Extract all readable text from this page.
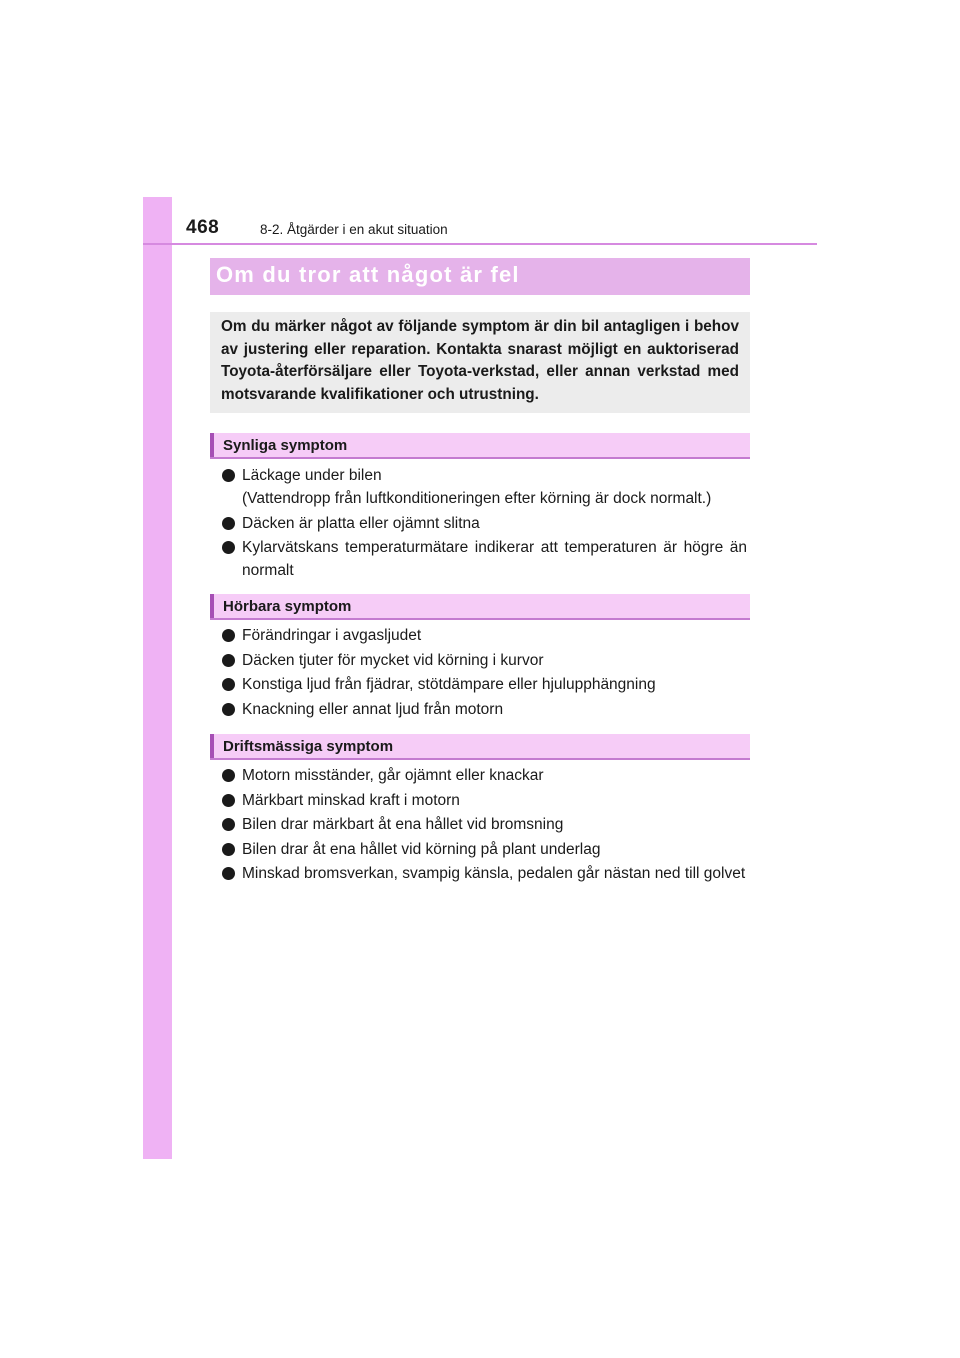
468	8-2. Åtgärder i en akut situation
Om du tror att något är fel
Om du märker något av följande symptom är din bil antagligen i behov av justering eller reparation. Kontakta snarast möjligt en auktoriserad Toyota-återförsäljare eller Toyota-verkstad, eller annan verkstad med motsvarande kvalifikationer och utrustning.
Synliga symptom
Läckage under bilen
(Vattendropp från luftkonditioneringen efter körning är dock normalt.)
Däcken är platta eller ojämnt slitna
Kylarvätskans temperaturmätare indikerar att temperaturen är högre än normalt
Hörbara symptom
Förändringar i avgasljudet
Däcken tjuter för mycket vid körning i kurvor
Konstiga ljud från fjädrar, stötdämpare eller hjulupphängning
Knackning eller annat ljud från motorn
Driftsmässiga symptom
Motorn misständer, går ojämnt eller knackar
Märkbart minskad kraft i motorn
Bilen drar märkbart åt ena hållet vid bromsning
Bilen drar åt ena hållet vid körning på plant underlag
Minskad bromsverkan, svampig känsla, pedalen går nästan ned till golvet
